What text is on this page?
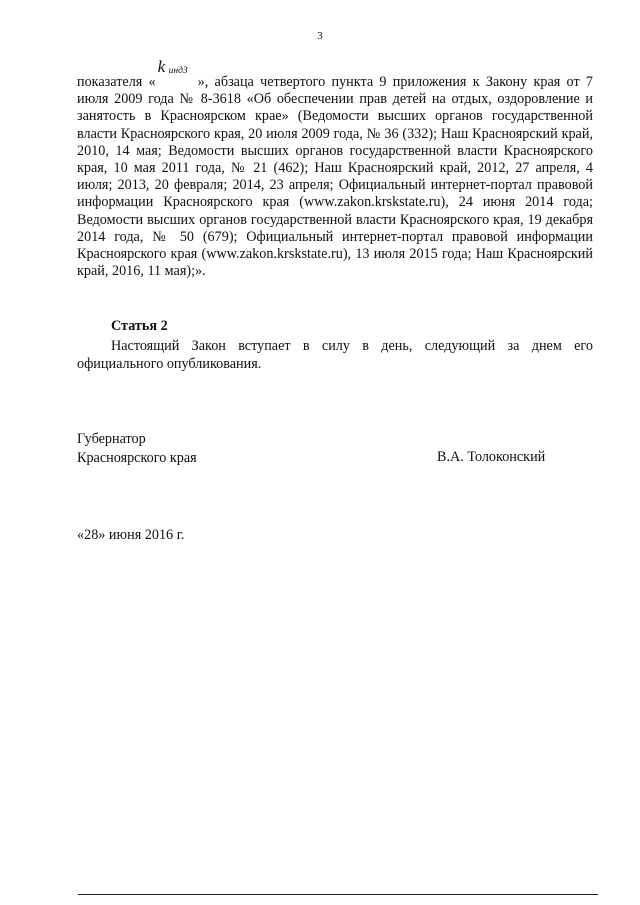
3

показателя «
k индЗ
», абзаца четвертого пункта 9 приложения к Закону края от 7 июля 2009 года № 8-3618 «Об обеспечении прав детей на отдых, оздоровление и занятость в Красноярском крае» (Ведомости высших органов государственной власти Красноярского края, 20 июля 2009 года, № 36 (332); Наш Красноярский край, 2010, 14 мая; Ведомости высших органов государственной власти Красноярского края, 10 мая 2011 года, № 21 (462); Наш Красноярский край, 2012, 27 апреля, 4 июля; 2013, 20 февраля; 2014, 23 апреля; Официальный интернет-портал правовой информации Красноярского края (www.zakon.krskstate.ru), 24 июня 2014 года; Ведомости высших органов государственной власти Красноярского края, 19 декабря 2014 года, № 50 (679); Официальный интернет-портал правовой информации Красноярского края (www.zakon.krskstate.ru), 13 июля 2015 года; Наш Красноярский край, 2016, 11 мая);».

Статья 2

Настоящий Закон вступает в силу в день, следующий за днем его официального опубликования.

Губернатор
Красноярского края	В.А. Толоконский
«28» июня 2016 г.
